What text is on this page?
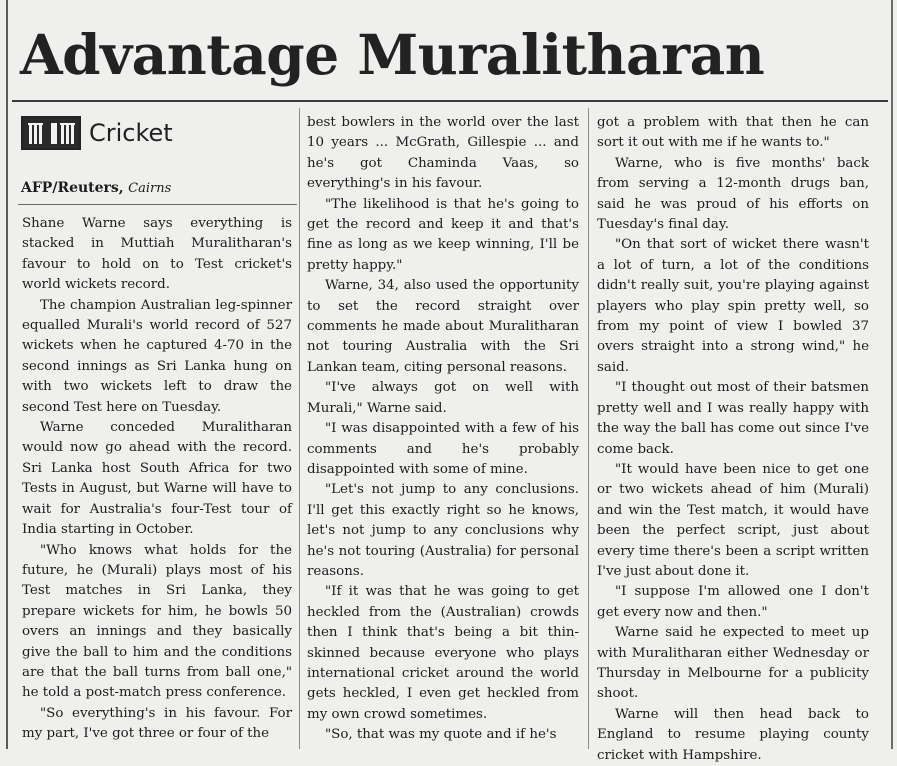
Advantage Muralitharan
Cricket
AFP/Reuters, Cairns

Shane Warne says everything is stacked in Muttiah Muralitharan's favour to hold on to Test cricket's world wickets record.

The champion Australian leg-spinner equalled Murali's world record of 527 wickets when he captured 4-70 in the second innings as Sri Lanka hung on with two wickets left to draw the second Test here on Tuesday.

Warne conceded Muralitharan would now go ahead with the record. Sri Lanka host South Africa for two Tests in August, but Warne will have to wait for Australia's four-Test tour of India starting in October.

"Who knows what holds for the future, he (Murali) plays most of his Test matches in Sri Lanka, they prepare wickets for him, he bowls 50 overs an innings and they basically give the ball to him and the conditions are that the ball turns from ball one," he told a post-match press conference.

"So everything's in his favour. For my part, I've got three or four of the

best bowlers in the world over the last 10 years ... McGrath, Gillespie ... and he's got Chaminda Vaas, so everything's in his favour.

"The likelihood is that he's going to get the record and keep it and that's fine as long as we keep winning, I'll be pretty happy."

Warne, 34, also used the opportunity to set the record straight over comments he made about Muralitharan not touring Australia with the Sri Lankan team, citing personal reasons.

"I've always got on well with Murali," Warne said.

"I was disappointed with a few of his comments and he's probably disappointed with some of mine.

"Let's not jump to any conclusions. I'll get this exactly right so he knows, let's not jump to any conclusions why he's not touring (Australia) for personal reasons.

"If it was that he was going to get heckled from the (Australian) crowds then I think that's being a bit thin-skinned because everyone who plays international cricket around the world gets heckled, I even get heckled from my own crowd sometimes.

"So, that was my quote and if he's

got a problem with that then he can sort it out with me if he wants to."

Warne, who is five months' back from serving a 12-month drugs ban, said he was proud of his efforts on Tuesday's final day.

"On that sort of wicket there wasn't a lot of turn, a lot of the conditions didn't really suit, you're playing against players who play spin pretty well, so from my point of view I bowled 37 overs straight into a strong wind," he said.

"I thought out most of their batsmen pretty well and I was really happy with the way the ball has come out since I've come back.

"It would have been nice to get one or two wickets ahead of him (Murali) and win the Test match, it would have been the perfect script, just about every time there's been a script written I've just about done it.

"I suppose I'm allowed one I don't get every now and then."

Warne said he expected to meet up with Muralitharan either Wednesday or Thursday in Melbourne for a publicity shoot.

Warne will then head back to England to resume playing county cricket with Hampshire.
